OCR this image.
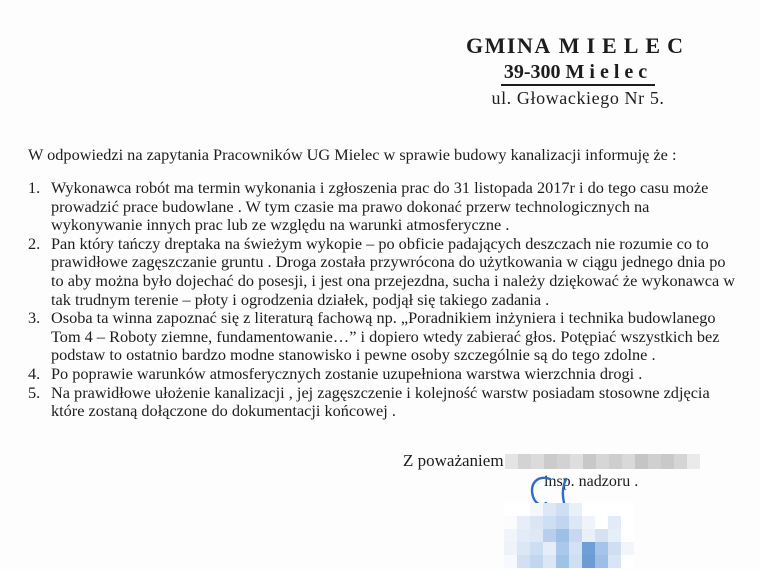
GMINA MIELEC
39-300 Mielec
ul. Głowackiego Nr 5.

W odpowiedzi na zapytania Pracowników UG Mielec w sprawie budowy kanalizacji informuję że :

1. Wykonawca robót ma termin wykonania i zgłoszenia prac do 31 listopada 2017r i do tego casu może prowadzić prace budowlane . W tym czasie ma prawo dokonać przerw technologicznych na wykonywanie innych prac lub ze względu na warunki atmosferyczne .
2. Pan który tańczy dreptaka na świeżym wykopie – po obficie padających deszczach nie rozumie co to prawidłowe zagęszczanie gruntu . Droga została przywrócona do użytkowania w ciągu jednego dnia po to aby można było dojechać do posesji, i jest ona przejezdna, sucha i należy dziękować że wykonawca w tak trudnym terenie – płoty i ogrodzenia działek, podjął się takiego zadania .
3. Osoba ta winna zapoznać się z literaturą fachową np. „Poradnikiem inżyniera i technika budowlanego Tom 4 – Roboty ziemne, fundamentowanie…” i dopiero wtedy zabierać głos. Potępiać wszystkich bez podstaw to ostatnio bardzo modne stanowisko i pewne osoby szczególnie są do tego zdolne .
4. Po poprawie warunków atmosferycznych zostanie uzupełniona warstwa wierzchnia drogi .
5. Na prawidłowe ułożenie kanalizacji , jej zagęszczenie i kolejność warstw posiadam stosowne zdjęcia które zostaną dołączone do dokumentacji końcowej .
Z poważaniem
insp. nadzoru .
